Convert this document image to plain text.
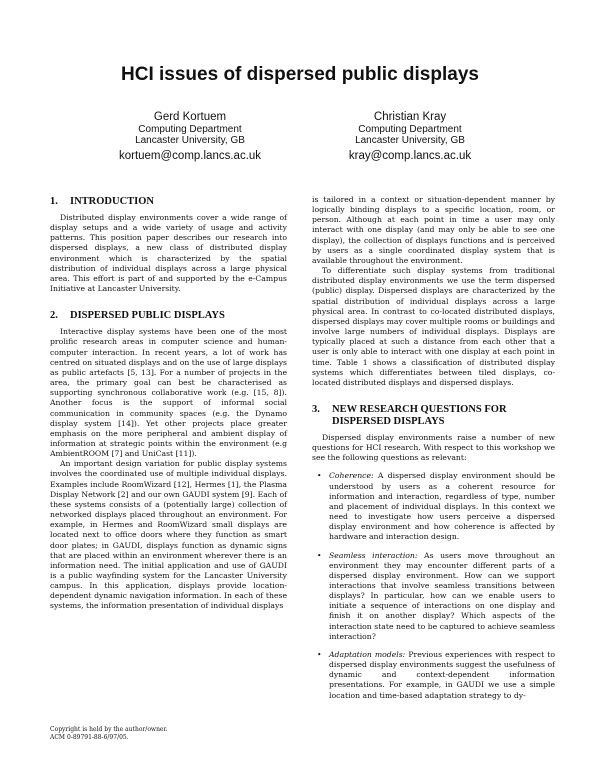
HCI issues of dispersed public displays
Gerd Kortuem
Computing Department
Lancaster University, GB
kortuem@comp.lancs.ac.uk
Christian Kray
Computing Department
Lancaster University, GB
kray@comp.lancs.ac.uk
1. INTRODUCTION

Distributed display environments cover a wide range of display setups and a wide variety of usage and activity patterns. This position paper describes our research into dispersed displays, a new class of distributed display environment which is characterized by the spatial distribution of individual displays across a large physical area. This effort is part of and supported by the e-Campus Initiative at Lancaster University.

2. DISPERSED PUBLIC DISPLAYS

Interactive display systems have been one of the most prolific research areas in computer science and human-computer interaction. In recent years, a lot of work has centred on situated displays and on the use of large displays as public artefacts [5, 13]. For a number of projects in the area, the primary goal can best be characterised as supporting synchronous collaborative work (e.g. [15, 8]). Another focus is the support of informal social communication in community spaces (e.g. the Dynamo display system [14]). Yet other projects place greater emphasis on the more peripheral and ambient display of information at strategic points within the environment (e.g AmbientROOM [7] and UniCast [11]).

An important design variation for public display systems involves the coordinated use of multiple individual displays. Examples include RoomWizard [12], Hermes [1], the Plasma Display Network [2] and our own GAUDI system [9]. Each of these systems consists of a (potentially large) collection of networked displays placed throughout an environment. For example, in Hermes and RoomWizard small displays are located next to office doors where they function as smart door plates; in GAUDI, displays function as dynamic signs that are placed within an environment wherever there is an information need. The initial application and use of GAUDI is a public wayfinding system for the Lancaster University campus. In this application, displays provide location-dependent dynamic navigation information. In each of these systems, the information presentation of individual displays

is tailored in a context or situation-dependent manner by logically binding displays to a specific location, room, or person. Although at each point in time a user may only interact with one display (and may only be able to see one display), the collection of displays functions and is perceived by users as a single coordinated display system that is available throughout the environment.

To differentiate such display systems from traditional distributed display environments we use the term dispersed (public) display. Dispersed displays are characterized by the spatial distribution of individual displays across a large physical area. In contrast to co-located distributed displays, dispersed displays may cover multiple rooms or buildings and involve large numbers of individual displays. Displays are typically placed at such a distance from each other that a user is only able to interact with one display at each point in time. Table 1 shows a classification of distributed display systems which differentiates between tiled displays, co-located distributed displays and dispersed displays.

3.	NEW RESEARCH QUESTIONS FOR DISPERSED DISPLAYS

Dispersed display environments raise a number of new questions for HCI research. With respect to this workshop we see the following questions as relevant:

• Coherence: A dispersed display environment should be understood by users as a coherent resource for information and interaction, regardless of type, number and placement of individual displays. In this context we need to investigate how users perceive a dispersed display environment and how coherence is affected by hardware and interaction design.
• Seamless interaction: As users move throughout an environment they may encounter different parts of a dispersed display environment. How can we support interactions that involve seamless transitions between displays? In particular, how can we enable users to initiate a sequence of interactions on one display and finish it on another display? Which aspects of the interaction state need to be captured to achieve seamless interaction?
• Adaptation models: Previous experiences with respect to dispersed display environments suggest the usefulness of dynamic and context-dependent information presentations. For example, in GAUDI we use a simple location and time-based adaptation strategy to dy-
Copyright is held by the author/owner.
ACM 0-89791-88-6/97/05.
